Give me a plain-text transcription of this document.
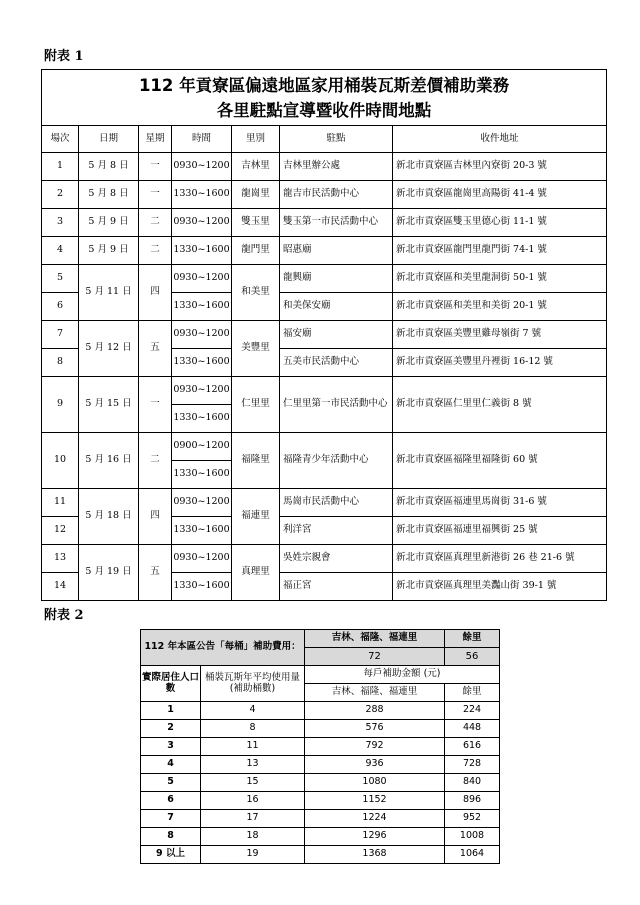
附表 1
112 年貢寮區偏遠地區家用桶裝瓦斯差價補助業務
各里駐點宣導暨收件時間地點						

場次	日期	星期	時間	里別	駐點	收件地址
1	5 月 8 日	一	0930~1200	吉林里	吉林里辦公處	新北市貢寮區吉林里內寮街 20-3 號
2	5 月 8 日	一	1330~1600	龍崗里	龍吉市民活動中心	新北市貢寮區龍崗里高陽街 41-4 號
3	5 月 9 日	二	0930~1200	雙玉里	雙玉第一市民活動中心	新北市貢寮區雙玉里德心街 11-1 號
4	5 月 9 日	二	1330~1600	龍門里	昭惠廟	新北市貢寮區龍門里龍門街 74-1 號
5	5 月 11 日	四	0930~1200	和美里	龍興廟	新北市貢寮區和美里龍洞街 50-1 號
6			1330~1600		和美保安廟	新北市貢寮區和美里和美街 20-1 號
7	5 月 12 日	五	0930~1200	美豐里	福安廟	新北市貢寮區美豐里雞母嶺街 7 號
8			1330~1600		五美市民活動中心	新北市貢寮區美豐里丹裡街 16-12 號
9	5 月 15 日	一	0930~1200	仁里里	仁里里第一市民活動中心	新北市貢寮區仁里里仁義街 8 號
			1330~1600			
10	5 月 16 日	二	0900~1200	福隆里	福隆青少年活動中心	新北市貢寮區福隆里福隆街 60 號
			1330~1600			
11	5 月 18 日	四	0930~1200	福連里	馬崗市民活動中心	新北市貢寮區福連里馬崗街 31-6 號
12			1330~1600		利洋宮	新北市貢寮區福連里福興街 25 號
13	5 月 19 日	五	0930~1200	真理里	吳姓宗親會	新北市貢寮區真理里新港街 26 巷 21-6 號
14			1330~1600		福正宮	新北市貢寮區真理里美灩山街 39-1 號
附表 2
112 年本區公告「每桶」補助費用：		吉林、福隆、福連里	餘里
		72	56
實際居住人口數	桶裝瓦斯年平均使用量(補助桶數)	每戶補助金額 (元)	
		吉林、福隆、福連里	餘里
1	4	288	224
2	8	576	448
3	11	792	616
4	13	936	728
5	15	1080	840
6	16	1152	896
7	17	1224	952
8	18	1296	1008
9 以上	19	1368	1064
